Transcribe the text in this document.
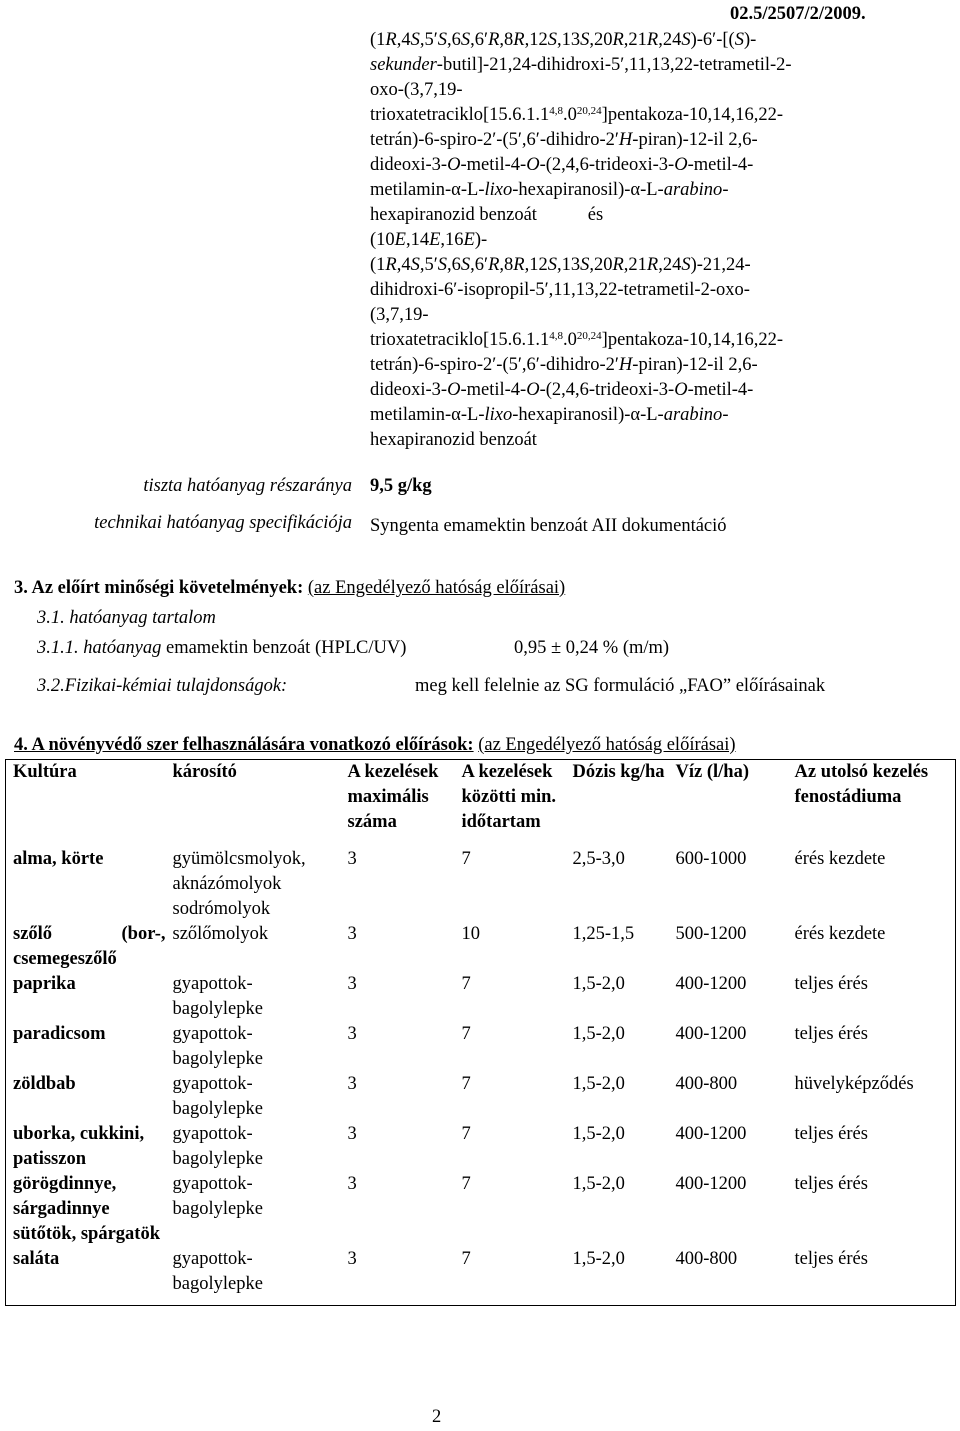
02.5/2507/2/2009.

(1R,4S,5′S,6S,6′R,8R,12S,13S,20R,21R,24S)-6′-[(S)-

sekunder-butil]-21,24-dihidroxi-5′,11,13,22-tetrametil-2-

oxo-(3,7,19-

trioxatetraciklo[15.6.1.1$^{4,8}$.0$^{20,24}$]pentakoza-10,14,16,22-

tetrán)-6-spiro-2′-(5′,6′-dihidro-2′H-piran)-12-il 2,6-

dideoxi-3-O-metil-4-O-(2,4,6-trideoxi-3-O-metil-4-

metilamin-α-L-lixo-hexapiranosil)-α-L-arabino-

hexapiranozid benzoát           és

(10E,14E,16E)-

(1R,4S,5′S,6S,6′R,8R,12S,13S,20R,21R,24S)-21,24-

dihidroxi-6′-isopropil-5′,11,13,22-tetrametil-2-oxo-

(3,7,19-

trioxatetraciklo[15.6.1.1$^{4,8}$.0$^{20,24}$]pentakoza-10,14,16,22-

tetrán)-6-spiro-2′-(5′,6′-dihidro-2′H-piran)-12-il 2,6-

dideoxi-3-O-metil-4-O-(2,4,6-trideoxi-3-O-metil-4-

metilamin-α-L-lixo-hexapiranosil)-α-L-arabino-

hexapiranozid benzoát

tiszta hatóanyag részaránya 9,5 g/kg
technikai hatóanyag specifikációja Syngenta emamektin benzoát AII dokumentáció
3. Az előírt minőségi követelmények: (az Engedélyező hatóság előírásai)
3.1. hatóanyag tartalom
3.1.1. hatóanyag emamektin benzoát (HPLC/UV)	0,95 ± 0,24 % (m/m)
3.2.Fizikai-kémiai tulajdonságok:	meg kell felelnie az SG formuláció „FAO” előírásainak
4. A növényvédő szer felhasználására vonatkozó előírások: (az Engedélyező hatóság előírásai)
Kultúra	károsító	A kezelések maximális száma	A kezelések közötti min. időtartam	Dózis kg/ha	Víz (l/ha)	Az utolsó kezelés fenostádiuma
alma, körte	gyümölcsmolyok, aknázómolyok sodrómolyok	3	7	2,5-3,0	600-1000	érés kezdete
szőlő (bor-, csemegeszőlő	szőlőmolyok	3	10	1,25-1,5	500-1200	érés kezdete
paprika	gyapottok-bagolylepke	3	7	1,5-2,0	400-1200	teljes érés
paradicsom	gyapottok-bagolylepke	3	7	1,5-2,0	400-1200	teljes érés
zöldbab	gyapottok-bagolylepke	3	7	1,5-2,0	400-800	hüvelyképződés
uborka, cukkini, patisszon	gyapottok-bagolylepke	3	7	1,5-2,0	400-1200	teljes érés
görögdinnye, sárgadinnye sütőtök, spárgatök	gyapottok-bagolylepke	3	7	1,5-2,0	400-1200	teljes érés
saláta	gyapottok-bagolylepke	3	7	1,5-2,0	400-800	teljes érés
2
